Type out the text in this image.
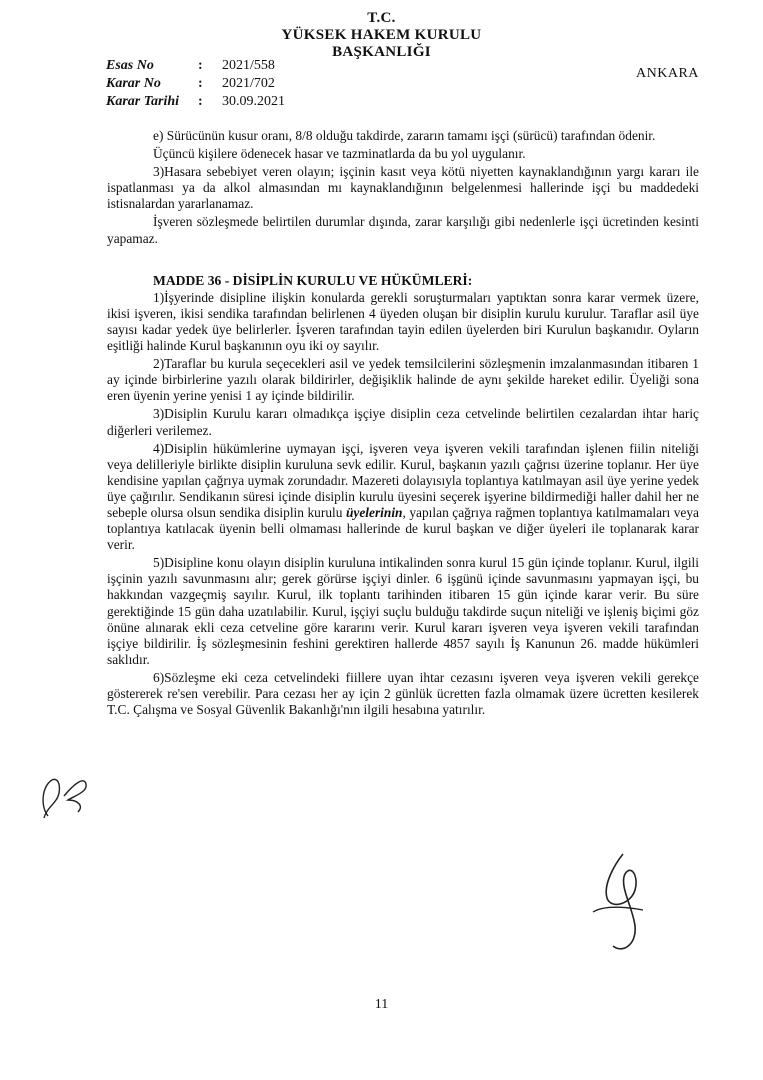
T.C.
YÜKSEK HAKEM KURULU
BAŞKANLIĞI
Esas No	:	2021/558
Karar No	:	2021/702
Karar Tarihi	:	30.09.2021
ANKARA

e) Sürücünün kusur oranı, 8/8 olduğu takdirde, zararın tamamı işçi (sürücü) tarafından ödenir.

Üçüncü kişilere ödenecek hasar ve tazminatlarda da bu yol uygulanır.

3)Hasara sebebiyet veren olayın; işçinin kasıt veya kötü niyetten kaynaklandığının yargı kararı ile ispatlanması ya da alkol almasından mı kaynaklandığının belgelenmesi hallerinde işçi bu maddedeki istisnalardan yararlanamaz.

İşveren sözleşmede belirtilen durumlar dışında, zarar karşılığı gibi nedenlerle işçi ücretinden kesinti yapamaz.

MADDE 36 - DİSİPLİN KURULU VE HÜKÜMLERİ:

1)İşyerinde disipline ilişkin konularda gerekli soruşturmaları yaptıktan sonra karar vermek üzere, ikisi işveren, ikisi sendika tarafından belirlenen 4 üyeden oluşan bir disiplin kurulu kurulur. Taraflar asil üye sayısı kadar yedek üye belirlerler. İşveren tarafından tayin edilen üyelerden biri Kurulun başkanıdır. Oyların eşitliği halinde Kurul başkanının oyu iki oy sayılır.

2)Taraflar bu kurula seçecekleri asil ve yedek temsilcilerini sözleşmenin imzalanmasından itibaren 1 ay içinde birbirlerine yazılı olarak bildirirler, değişiklik halinde de aynı şekilde hareket edilir. Üyeliği sona eren üyenin yerine yenisi 1 ay içinde bildirilir.

3)Disiplin Kurulu kararı olmadıkça işçiye disiplin ceza cetvelinde belirtilen cezalardan ihtar hariç diğerleri verilemez.

4)Disiplin hükümlerine uymayan işçi, işveren veya işveren vekili tarafından işlenen fiilin niteliği veya delilleriyle birlikte disiplin kuruluna sevk edilir. Kurul, başkanın yazılı çağrısı üzerine toplanır. Her üye kendisine yapılan çağrıya uymak zorundadır. Mazereti dolayısıyla toplantıya katılmayan asil üye yerine yedek üye çağırılır. Sendikanın süresi içinde disiplin kurulu üyesini seçerek işyerine bildirmediği haller dahil her ne sebeple olursa olsun sendika disiplin kurulu üyelerinin, yapılan çağrıya rağmen toplantıya katılmamaları veya toplantıya katılacak üyenin belli olmaması hallerinde de kurul başkan ve diğer üyeleri ile toplanarak karar verir.

5)Disipline konu olayın disiplin kuruluna intikalinden sonra kurul 15 gün içinde toplanır. Kurul, ilgili işçinin yazılı savunmasını alır; gerek görürse işçiyi dinler. 6 işgünü içinde savunmasını yapmayan işçi, bu hakkından vazgeçmiş sayılır. Kurul, ilk toplantı tarihinden itibaren 15 gün içinde karar verir. Bu süre gerektiğinde 15 gün daha uzatılabilir. Kurul, işçiyi suçlu bulduğu takdirde suçun niteliği ve işleniş biçimi göz önüne alınarak ekli ceza cetveline göre kararını verir. Kurul kararı işveren veya işveren vekili tarafından işçiye bildirilir. İş sözleşmesinin feshini gerektiren hallerde 4857 sayılı İş Kanunun 26. madde hükümleri saklıdır.

6)Sözleşme eki ceza cetvelindeki fiillere uyan ihtar cezasını işveren veya işveren vekili gerekçe göstererek re'sen verebilir. Para cezası her ay için 2 günlük ücretten fazla olmamak üzere ücretten kesilerek T.C. Çalışma ve Sosyal Güvenlik Bakanlığı'nın ilgili hesabına yatırılır.

11
